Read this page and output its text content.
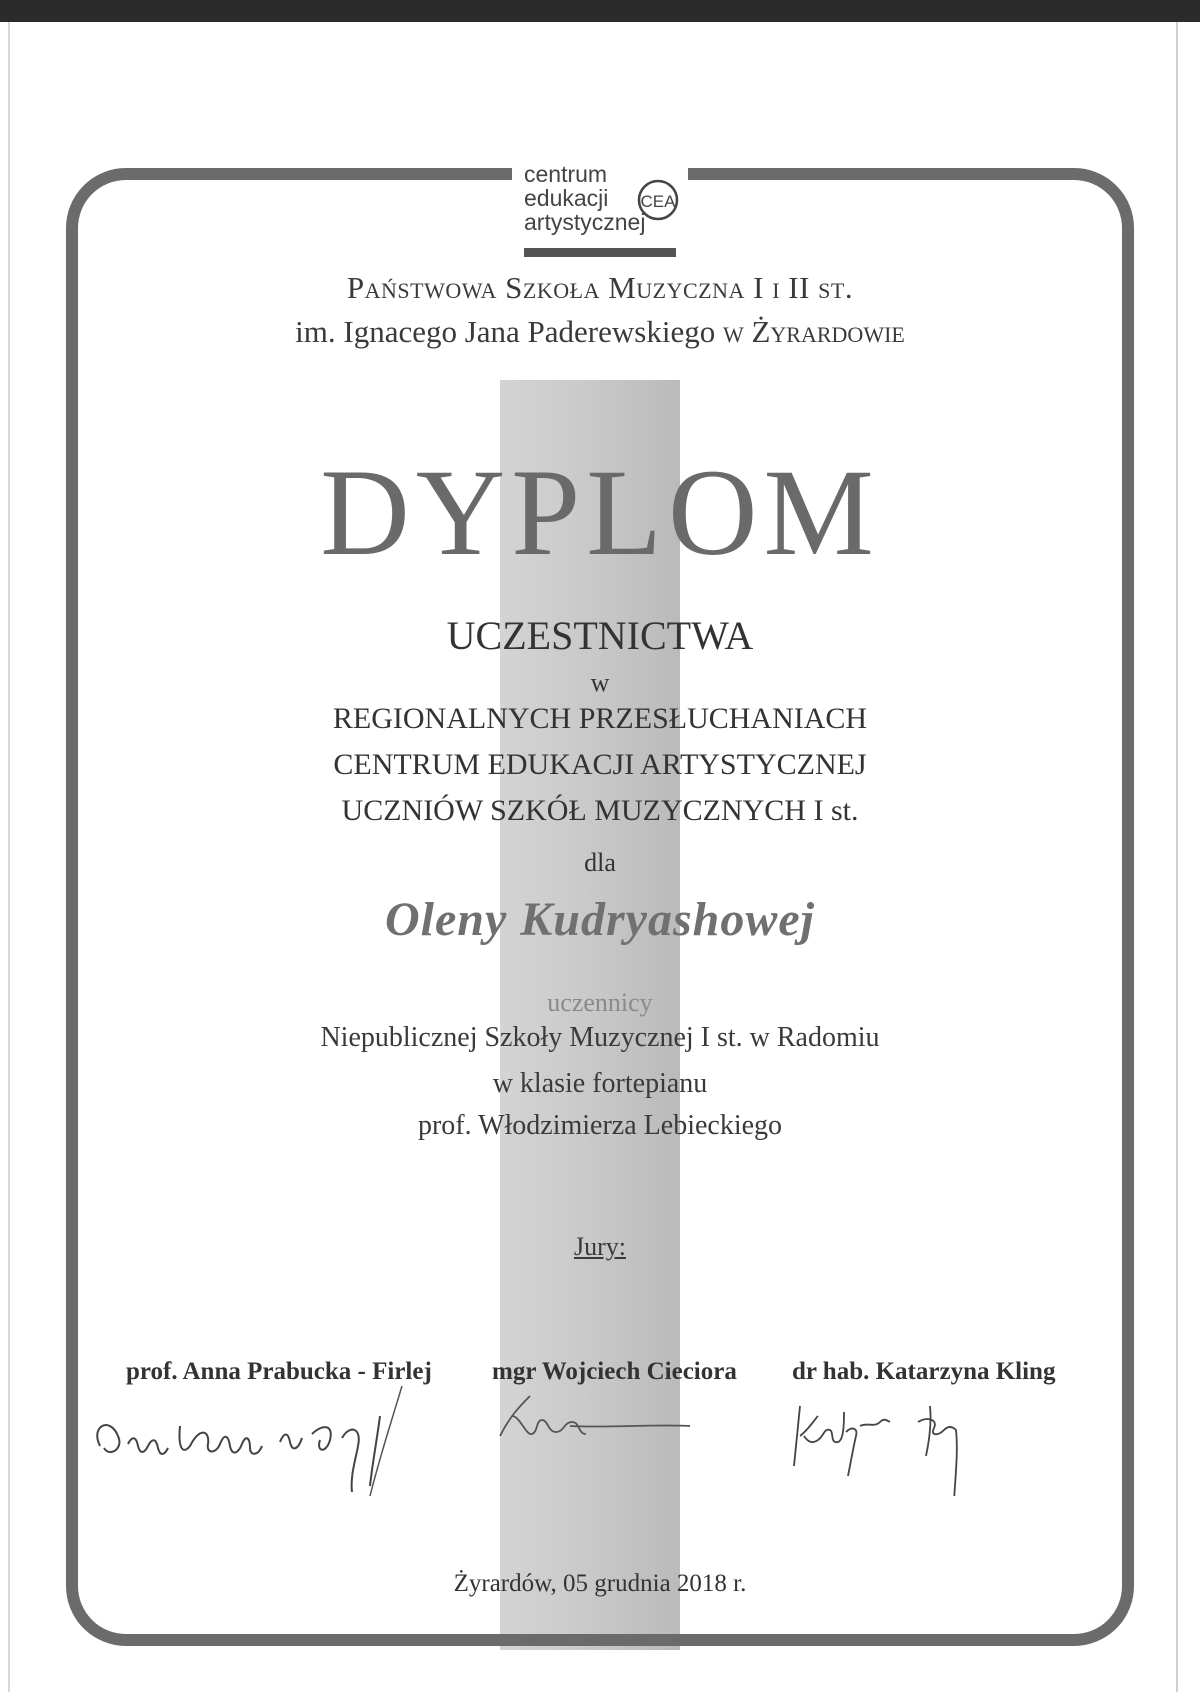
centrum
edukacji
artystycznej
CEA
Państwowa Szkoła Muzyczna I i II st.
im. Ignacego Jana Paderewskiego w Żyrardowie
DYPLOM
UCZESTNICTWA
w
REGIONALNYCH PRZESŁUCHANIACH
CENTRUM EDUKACJI ARTYSTYCZNEJ
UCZNIÓW SZKÓŁ MUZYCZNYCH I st.
dla
Oleny Kudryashowej
uczennicy
Niepublicznej Szkoły Muzycznej I st. w Radomiu
w klasie fortepianu
prof. Włodzimierza Lebieckiego
Jury:
prof. Anna Prabucka - Firlej mgr Wojciech Cieciora dr hab. Katarzyna Kling
Żyrardów, 05 grudnia 2018 r.
